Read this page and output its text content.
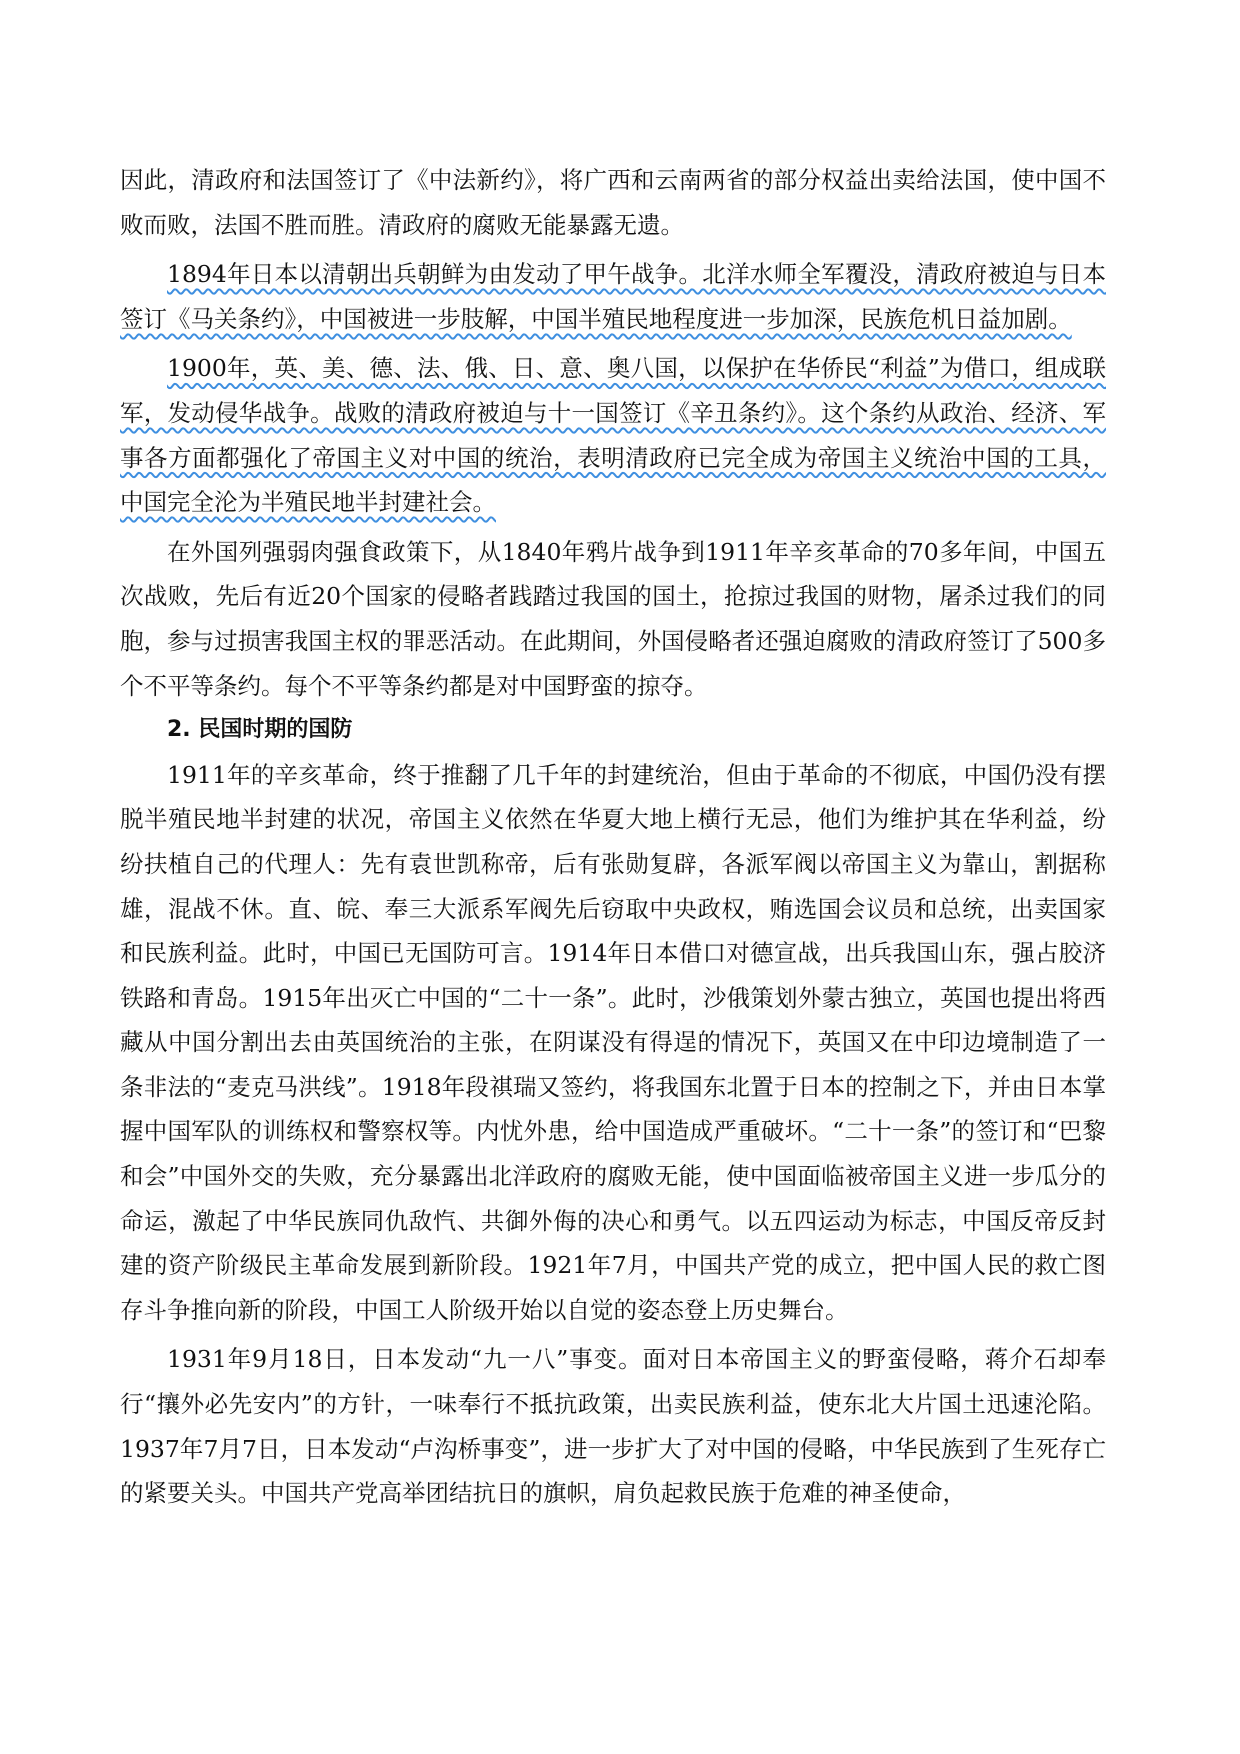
因此，清政府和法国签订了《中法新约》，将广西和云南两省的部分权益出卖给法国，使中国不败而败，法国不胜而胜。清政府的腐败无能暴露无遗。

1894年日本以清朝出兵朝鲜为由发动了甲午战争。北洋水师全军覆没，清政府被迫与日本签订《马关条约》，中国被进一步肢解，中国半殖民地程度进一步加深，民族危机日益加剧。

1900年，英、美、德、法、俄、日、意、奥八国，以保护在华侨民“利益”为借口，组成联军，发动侵华战争。战败的清政府被迫与十一国签订《辛丑条约》。这个条约从政治、经济、军事各方面都强化了帝国主义对中国的统治，表明清政府已完全成为帝国主义统治中国的工具，中国完全沦为半殖民地半封建社会。

在外国列强弱肉强食政策下，从1840年鸦片战争到1911年辛亥革命的70多年间，中国五次战败，先后有近20个国家的侵略者践踏过我国的国土，抢掠过我国的财物，屠杀过我们的同胞，参与过损害我国主权的罪恶活动。在此期间，外国侵略者还强迫腐败的清政府签订了500多个不平等条约。每个不平等条约都是对中国野蛮的掠夺。

2. 民国时期的国防

1911年的辛亥革命，终于推翻了几千年的封建统治，但由于革命的不彻底，中国仍没有摆脱半殖民地半封建的状况，帝国主义依然在华夏大地上横行无忌，他们为维护其在华利益，纷纷扶植自己的代理人：先有袁世凯称帝，后有张勋复辟，各派军阀以帝国主义为靠山，割据称雄，混战不休。直、皖、奉三大派系军阀先后窃取中央政权，贿选国会议员和总统，出卖国家和民族利益。此时，中国已无国防可言。1914年日本借口对德宣战，出兵我国山东，强占胶济铁路和青岛。1915年出灭亡中国的“二十一条”。此时，沙俄策划外蒙古独立，英国也提出将西藏从中国分割出去由英国统治的主张，在阴谋没有得逞的情况下，英国又在中印边境制造了一条非法的“麦克马洪线”。1918年段祺瑞又签约，将我国东北置于日本的控制之下，并由日本掌握中国军队的训练权和警察权等。内忧外患，给中国造成严重破坏。“二十一条”的签订和“巴黎和会”中国外交的失败，充分暴露出北洋政府的腐败无能，使中国面临被帝国主义进一步瓜分的命运，激起了中华民族同仇敌忾、共御外侮的决心和勇气。以五四运动为标志，中国反帝反封建的资产阶级民主革命发展到新阶段。1921年7月，中国共产党的成立，把中国人民的救亡图存斗争推向新的阶段，中国工人阶级开始以自觉的姿态登上历史舞台。

1931年9月18日，日本发动“九一八”事变。面对日本帝国主义的野蛮侵略，蒋介石却奉行“攘外必先安内”的方针，一味奉行不抵抗政策，出卖民族利益，使东北大片国土迅速沦陷。1937年7月7日，日本发动“卢沟桥事变”，进一步扩大了对中国的侵略，中华民族到了生死存亡的紧要关头。中国共产党高举团结抗日的旗帜，肩负起救民族于危难的神圣使命，
